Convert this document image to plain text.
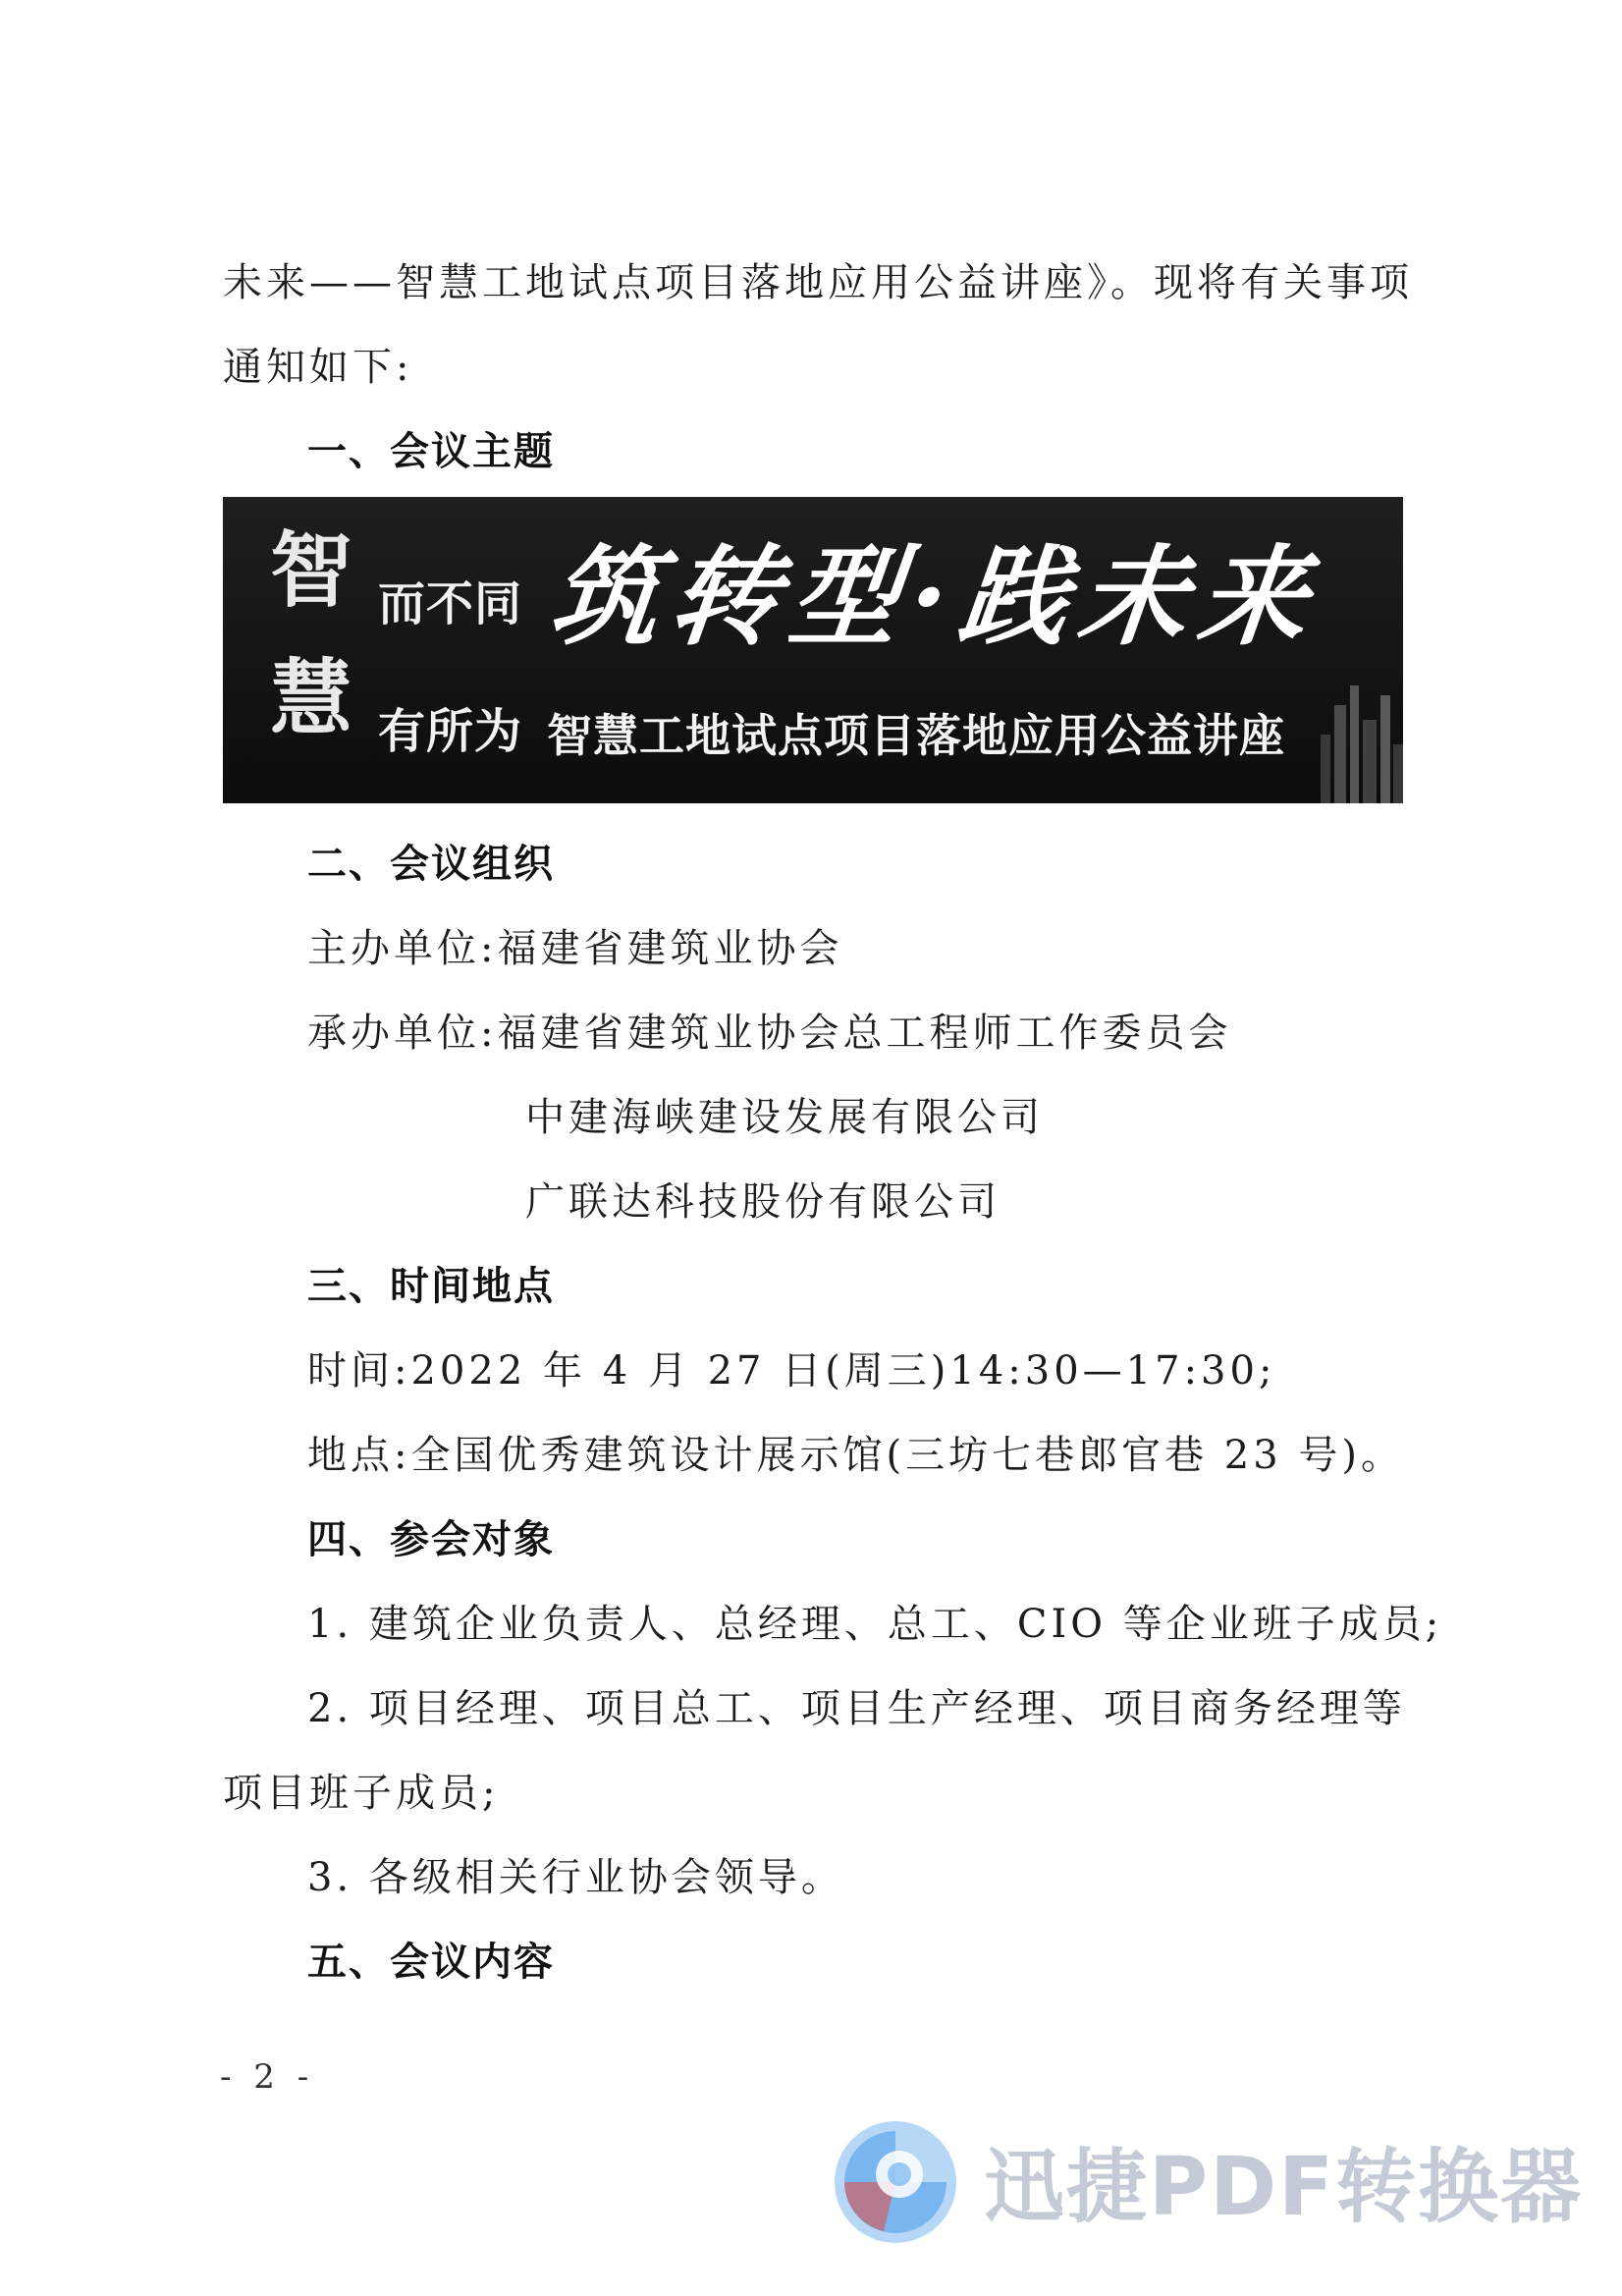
未来——智慧工地试点项目落地应用公益讲座》。现将有关事项
通知如下:
一、会议主题
智
慧
而不同
有所为
筑转型·践未来
智慧工地试点项目落地应用公益讲座
二、会议组织
主办单位:福建省建筑业协会
承办单位:福建省建筑业协会总工程师工作委员会
中建海峡建设发展有限公司
广联达科技股份有限公司
三、时间地点
时间:2022 年 4 月 27 日(周三)14:30—17:30;
地点:全国优秀建筑设计展示馆(三坊七巷郎官巷 23 号)。
四、参会对象
1. 建筑企业负责人、总经理、总工、CIO 等企业班子成员;
2. 项目经理、项目总工、项目生产经理、项目商务经理等
项目班子成员;
3. 各级相关行业协会领导。
五、会议内容
- 2 -
迅捷PDF转换器
